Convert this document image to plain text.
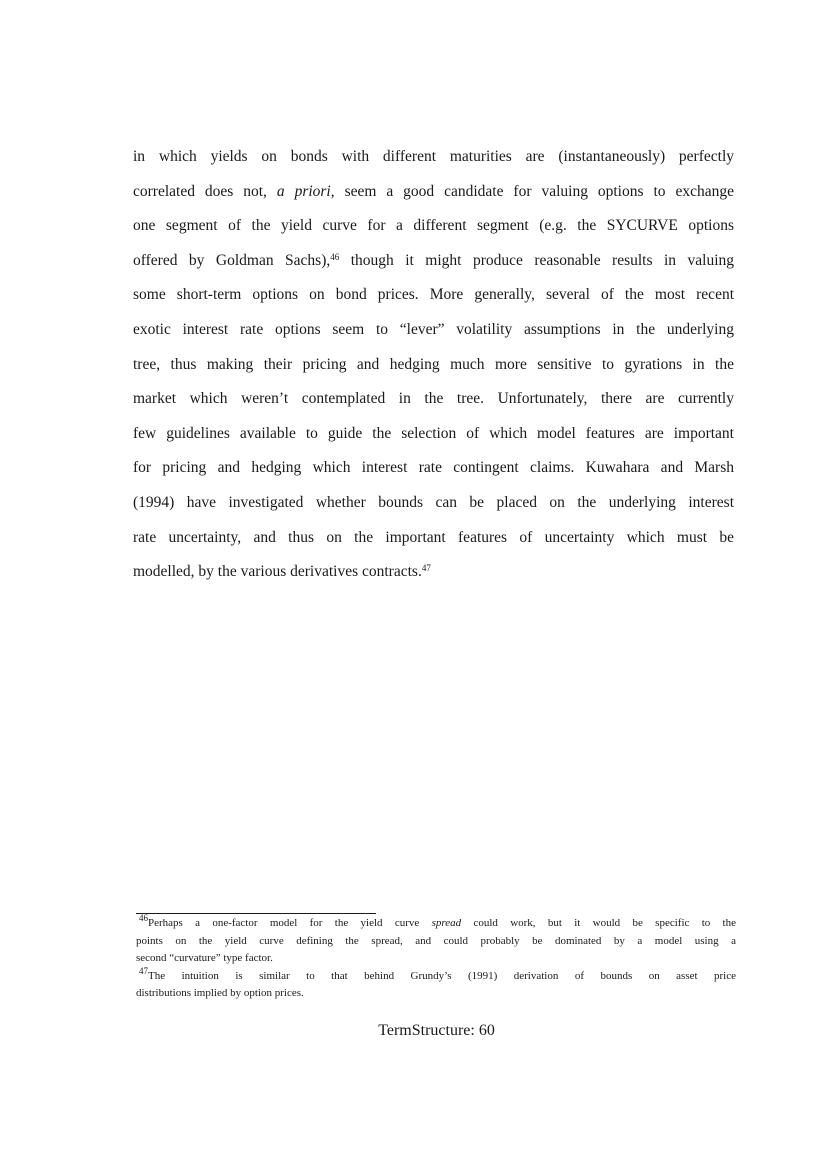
in which yields on bonds with different maturities are (instantaneously) perfectly
correlated does not, a priori, seem a good candidate for valuing options to exchange
one segment of the yield curve for a different segment (e.g. the SYCURVE options
offered by Goldman Sachs),$^{46}$ though it might produce reasonable results in valuing
some short-term options on bond prices. More generally, several of the most recent
exotic interest rate options seem to “lever” volatility assumptions in the underlying
tree, thus making their pricing and hedging much more sensitive to gyrations in the
market which weren’t contemplated in the tree. Unfortunately, there are currently
few guidelines available to guide the selection of which model features are important
for pricing and hedging which interest rate contingent claims. Kuwahara and Marsh
(1994) have investigated whether bounds can be placed on the underlying interest
rate uncertainty, and thus on the important features of uncertainty which must be
modelled, by the various derivatives contracts.$^{47}$
$^{46}$Perhaps a one-factor model for the yield curve spread could work, but it would be specific to the
points on the yield curve defining the spread, and could probably be dominated by a model using a
second “curvature” type factor.
$^{47}$The intuition is similar to that behind Grundy’s (1991) derivation of bounds on asset price
distributions implied by option prices.

TermStructure: 60
